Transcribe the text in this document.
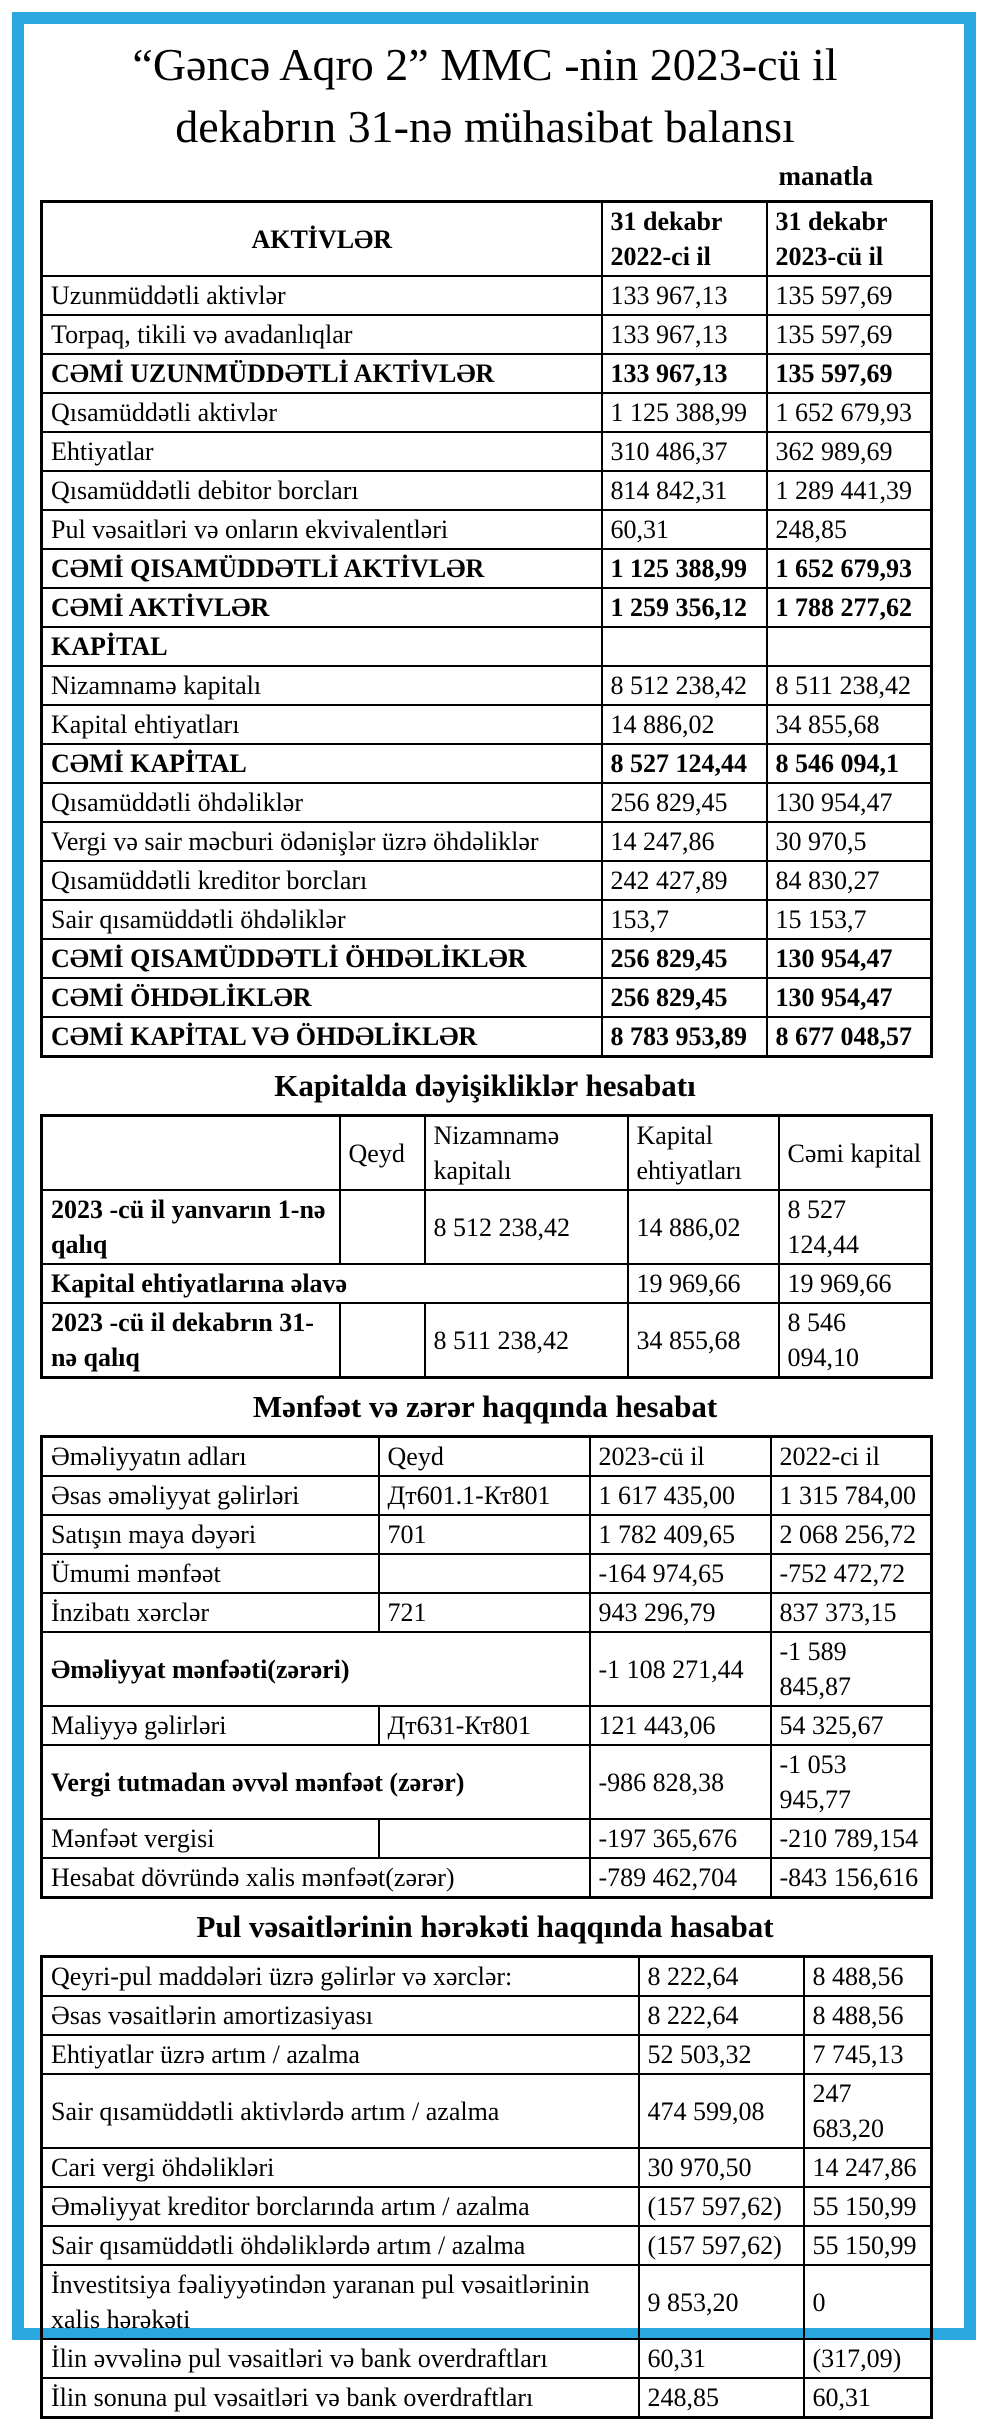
“Gəncə Aqro 2” MMC -nin 2023-cü il
dekabrın 31-nə mühasibat balansı
manatla
AKTİVLƏR	31 dekabr 2022-ci il	31 dekabr 2023-cü il
Uzunmüddətli aktivlər	133 967,13	135 597,69
Torpaq, tikili və avadanlıqlar	133 967,13	135 597,69
CƏMİ UZUNMÜDDƏTLİ AKTİVLƏR	133 967,13	135 597,69
Qısamüddətli aktivlər	1 125 388,99	1 652 679,93
Ehtiyatlar	310 486,37	362 989,69
Qısamüddətli debitor borcları	814 842,31	1 289 441,39
Pul vəsaitləri və onların ekvivalentləri	60,31	248,85
CƏMİ QISAMÜDDƏTLİ AKTİVLƏR	1 125 388,99	1 652 679,93
CƏMİ AKTİVLƏR	1 259 356,12	1 788 277,62
KAPİTAL		
Nizamnamə kapitalı	8 512 238,42	8 511 238,42
Kapital ehtiyatları	14 886,02	34 855,68
CƏMİ KAPİTAL	8 527 124,44	8 546 094,1
Qısamüddətli öhdəliklər	256 829,45	130 954,47
Vergi və sair məcburi ödənişlər üzrə öhdəliklər	14 247,86	30 970,5
Qısamüddətli kreditor borcları	242 427,89	84 830,27
Sair qısamüddətli öhdəliklər	153,7	15 153,7
CƏMİ QISAMÜDDƏTLİ ÖHDƏLİKLƏR	256 829,45	130 954,47
CƏMİ ÖHDƏLİKLƏR	256 829,45	130 954,47
CƏMİ KAPİTAL VƏ ÖHDƏLİKLƏR	8 783 953,89	8 677 048,57
Kapitalda dəyişikliklər hesabatı
	Qeyd	Nizamnamə kapitalı	Kapital ehtiyatları	Cəmi kapital
2023 -cü il yanvarın 1-nə qalıq		8 512 238,42	14 886,02	8 527 124,44
Kapital ehtiyatlarına əlavə			19 969,66	19 969,66
2023 -cü il dekabrın 31-nə qalıq		8 511 238,42	34 855,68	8 546 094,10
Mənfəət və zərər haqqında hesabat
Əməliyyatın adları	Qeyd	2023-cü il	2022-ci il
Əsas əməliyyat gəlirləri	Дт601.1-Кт801	1 617 435,00	1 315 784,00
Satışın maya dəyəri	701	1 782 409,65	2 068 256,72
Ümumi mənfəət		-164 974,65	-752 472,72
İnzibatı xərclər	721	943 296,79	837 373,15
Əməliyyat mənfəəti(zərəri)		-1 108 271,44	-1 589 845,87
Maliyyə gəlirləri	Дт631-Кт801	121 443,06	54 325,67
Vergi tutmadan əvvəl mənfəət (zərər)		-986 828,38	-1 053 945,77
Mənfəət vergisi		-197 365,676	-210 789,154
Hesabat dövründə xalis mənfəət(zərər)		-789 462,704	-843 156,616
Pul vəsaitlərinin hərəkəti haqqında hasabat
Qeyri-pul maddələri üzrə gəlirlər və xərclər:	8 222,64	8 488,56
Əsas vəsaitlərin amortizasiyası	8 222,64	8 488,56
Ehtiyatlar üzrə artım / azalma	52 503,32	7 745,13
Sair qısamüddətli aktivlərdə artım / azalma	474 599,08	247 683,20
Cari vergi öhdəlikləri	30 970,50	14 247,86
Əməliyyat kreditor borclarında artım / azalma	(157 597,62)	55 150,99
Sair qısamüddətli öhdəliklərdə artım / azalma	(157 597,62)	55 150,99
İnvestitsiya fəaliyyətindən yaranan pul vəsaitlərinin xalis hərəkəti	9 853,20	0
İlin əvvəlinə pul vəsaitləri və bank overdraftları	60,31	(317,09)
İlin sonuna pul vəsaitləri və bank overdraftları	248,85	60,31
